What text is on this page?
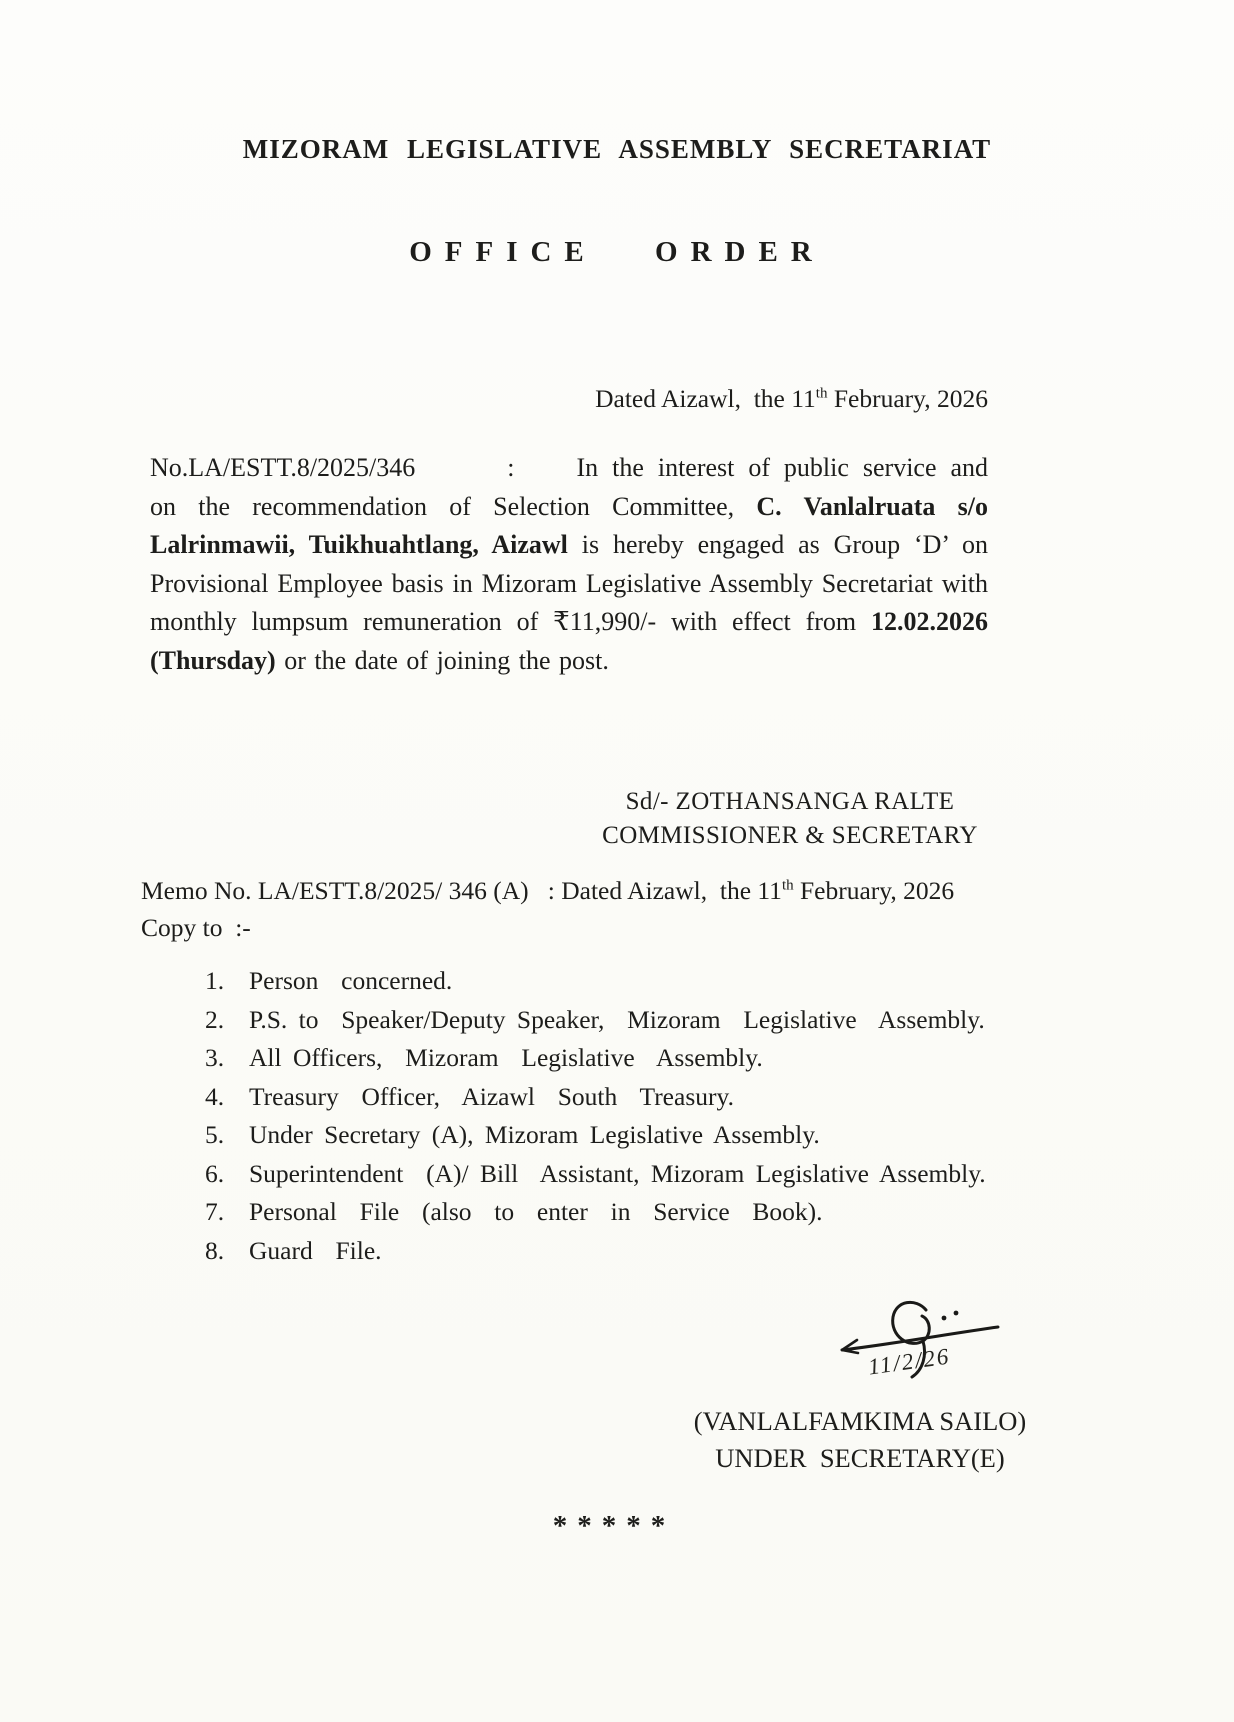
MIZORAM LEGISLATIVE ASSEMBLY SECRETARIAT
OFFICE ORDER
Dated Aizawl,  the 11th February, 2026
No.LA/ESTT.8/2025/346	: In the interest of public service and on the recommendation of Selection Committee, C. Vanlalruata s/o Lalrinmawii, Tuikhuahtlang, Aizawl is hereby engaged as Group ‘D’ on Provisional Employee basis in Mizoram Legislative Assembly Secretariat with monthly lumpsum remuneration of ₹11,990/- with effect from 12.02.2026 (Thursday) or the date of joining the post.
Sd/- ZOTHANSANGA RALTE
COMMISSIONER & SECRETARY
Memo No. LA/ESTT.8/2025/ 346 (A)   : Dated Aizawl,  the 11th February, 2026
Copy to  :-
1. Person  concerned.
2. P.S. to  Speaker/Deputy Speaker,  Mizoram  Legislative  Assembly.
3. All Officers,  Mizoram  Legislative  Assembly.
4. Treasury  Officer,  Aizawl  South  Treasury.
5. Under Secretary (A), Mizoram Legislative Assembly.
6. Superintendent  (A)/ Bill  Assistant, Mizoram Legislative Assembly.
7. Personal  File  (also  to  enter  in  Service  Book).
8. Guard  File.
11/2/26
(VANLALFAMKIMA SAILO)
UNDER  SECRETARY(E)
*****
